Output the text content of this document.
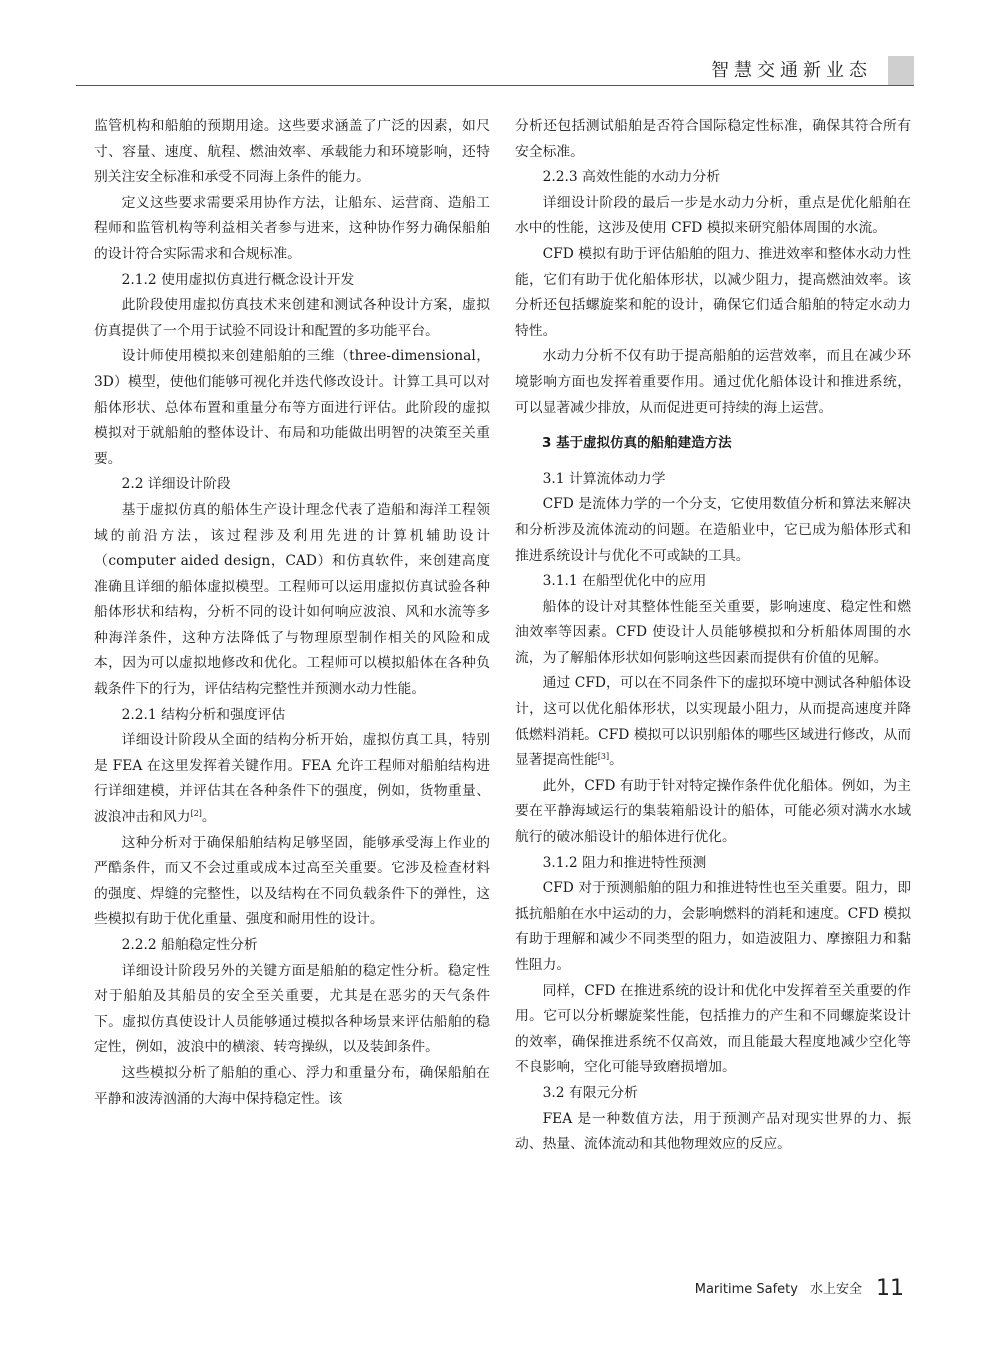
智慧交通新业态

监管机构和船舶的预期用途。这些要求涵盖了广泛的因素，如尺寸、容量、速度、航程、燃油效率、承载能力和环境影响，还特别关注安全标准和承受不同海上条件的能力。

定义这些要求需要采用协作方法，让船东、运营商、造船工程师和监管机构等利益相关者参与进来，这种协作努力确保船舶的设计符合实际需求和合规标准。

2.1.2 使用虚拟仿真进行概念设计开发

此阶段使用虚拟仿真技术来创建和测试各种设计方案，虚拟仿真提供了一个用于试验不同设计和配置的多功能平台。

设计师使用模拟来创建船舶的三维（three-dimensional，3D）模型，使他们能够可视化并迭代修改设计。计算工具可以对船体形状、总体布置和重量分布等方面进行评估。此阶段的虚拟模拟对于就船舶的整体设计、布局和功能做出明智的决策至关重要。

2.2 详细设计阶段

基于虚拟仿真的船体生产设计理念代表了造船和海洋工程领域的前沿方法，该过程涉及利用先进的计算机辅助设计（computer aided design，CAD）和仿真软件，来创建高度准确且详细的船体虚拟模型。工程师可以运用虚拟仿真试验各种船体形状和结构，分析不同的设计如何响应波浪、风和水流等多种海洋条件，这种方法降低了与物理原型制作相关的风险和成本，因为可以虚拟地修改和优化。工程师可以模拟船体在各种负载条件下的行为，评估结构完整性并预测水动力性能。

2.2.1 结构分析和强度评估

详细设计阶段从全面的结构分析开始，虚拟仿真工具，特别是 FEA 在这里发挥着关键作用。FEA 允许工程师对船舶结构进行详细建模，并评估其在各种条件下的强度，例如，货物重量、波浪冲击和风力[2]。

这种分析对于确保船舶结构足够坚固，能够承受海上作业的严酷条件，而又不会过重或成本过高至关重要。它涉及检查材料的强度、焊缝的完整性，以及结构在不同负载条件下的弹性，这些模拟有助于优化重量、强度和耐用性的设计。

2.2.2 船舶稳定性分析

详细设计阶段另外的关键方面是船舶的稳定性分析。稳定性对于船舶及其船员的安全至关重要，尤其是在恶劣的天气条件下。虚拟仿真使设计人员能够通过模拟各种场景来评估船舶的稳定性，例如，波浪中的横滚、转弯操纵，以及装卸条件。

这些模拟分析了船舶的重心、浮力和重量分布，确保船舶在平静和波涛汹涌的大海中保持稳定性。该

分析还包括测试船舶是否符合国际稳定性标准，确保其符合所有安全标准。

2.2.3 高效性能的水动力分析

详细设计阶段的最后一步是水动力分析，重点是优化船舶在水中的性能，这涉及使用 CFD 模拟来研究船体周围的水流。

CFD 模拟有助于评估船舶的阻力、推进效率和整体水动力性能，它们有助于优化船体形状，以减少阻力，提高燃油效率。该分析还包括螺旋桨和舵的设计，确保它们适合船舶的特定水动力特性。

水动力分析不仅有助于提高船舶的运营效率，而且在减少环境影响方面也发挥着重要作用。通过优化船体设计和推进系统，可以显著减少排放，从而促进更可持续的海上运营。

3 基于虚拟仿真的船舶建造方法

3.1 计算流体动力学

CFD 是流体力学的一个分支，它使用数值分析和算法来解决和分析涉及流体流动的问题。在造船业中，它已成为船体形式和推进系统设计与优化不可或缺的工具。

3.1.1 在船型优化中的应用

船体的设计对其整体性能至关重要，影响速度、稳定性和燃油效率等因素。CFD 使设计人员能够模拟和分析船体周围的水流，为了解船体形状如何影响这些因素而提供有价值的见解。

通过 CFD，可以在不同条件下的虚拟环境中测试各种船体设计，这可以优化船体形状，以实现最小阻力，从而提高速度并降低燃料消耗。CFD 模拟可以识别船体的哪些区域进行修改，从而显著提高性能[3]。

此外，CFD 有助于针对特定操作条件优化船体。例如，为主要在平静海域运行的集装箱船设计的船体，可能必须对满水水域航行的破冰船设计的船体进行优化。

3.1.2 阻力和推进特性预测

CFD 对于预测船舶的阻力和推进特性也至关重要。阻力，即抵抗船舶在水中运动的力，会影响燃料的消耗和速度。CFD 模拟有助于理解和减少不同类型的阻力，如造波阻力、摩擦阻力和黏性阻力。

同样，CFD 在推进系统的设计和优化中发挥着至关重要的作用。它可以分析螺旋桨性能，包括推力的产生和不同螺旋桨设计的效率，确保推进系统不仅高效，而且能最大程度地减少空化等不良影响，空化可能导致磨损增加。

3.2 有限元分析

FEA 是一种数值方法，用于预测产品对现实世界的力、振动、热量、流体流动和其他物理效应的反应。

Maritime Safety 水上安全 11
